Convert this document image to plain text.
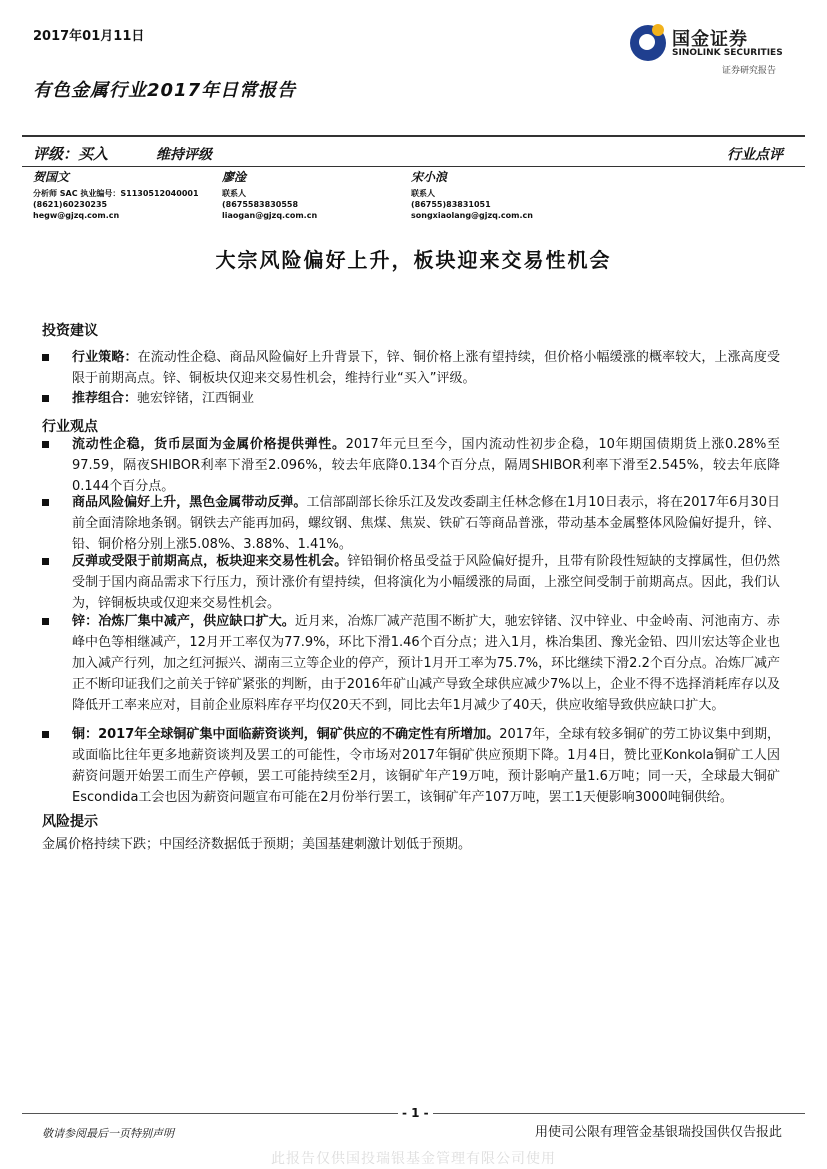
2017年01月11日	国金证券
SINOLINK SECURITIES
证券研究报告
有色金属行业2017年日常报告
评级：买入	维持评级	行业点评
贺国文
分析师 SAC 执业编号：S1130512040001
(8621)60230235
hegw@gjzq.com.cn
廖淦
联系人
(8675583830558
liaogan@gjzq.com.cn
宋小浪
联系人
(86755)83831051
songxiaolang@gjzq.com.cn
大宗风险偏好上升，板块迎来交易性机会
投资建议
行业策略：在流动性企稳、商品风险偏好上升背景下，锌、铜价格上涨有望持续，但价格小幅缓涨的概率较大，上涨高度受限于前期高点。锌、铜板块仅迎来交易性机会，维持行业“买入”评级。
推荐组合：驰宏锌锗，江西铜业
行业观点
流动性企稳，货币层面为金属价格提供弹性。2017年元旦至今，国内流动性初步企稳，10年期国债期货上涨0.28%至97.59，隔夜SHIBOR利率下滑至2.096%，较去年底降0.134个百分点，隔周SHIBOR利率下滑至2.545%，较去年底降0.144个百分点。
商品风险偏好上升，黑色金属带动反弹。工信部副部长徐乐江及发改委副主任林念修在1月10日表示，将在2017年6月30日前全面清除地条钢。钢铁去产能再加码，螺纹钢、焦煤、焦炭、铁矿石等商品普涨，带动基本金属整体风险偏好提升，锌、铅、铜价格分别上涨5.08%、3.88%、1.41%。
反弹或受限于前期高点，板块迎来交易性机会。锌铅铜价格虽受益于风险偏好提升，且带有阶段性短缺的支撑属性，但仍然受制于国内商品需求下行压力，预计涨价有望持续，但将演化为小幅缓涨的局面，上涨空间受制于前期高点。因此，我们认为，锌铜板块或仅迎来交易性机会。
锌：冶炼厂集中减产，供应缺口扩大。近月来，冶炼厂减产范围不断扩大，驰宏锌锗、汉中锌业、中金岭南、河池南方、赤峰中色等相继减产，12月开工率仅为77.9%，环比下滑1.46个百分点；进入1月，株冶集团、豫光金铅、四川宏达等企业也加入减产行列，加之红河振兴、湖南三立等企业的停产，预计1月开工率为75.7%，环比继续下滑2.2个百分点。冶炼厂减产正不断印证我们之前关于锌矿紧张的判断，由于2016年矿山减产导致全球供应减少7%以上，企业不得不选择消耗库存以及降低开工率来应对，目前企业原料库存平均仅20天不到，同比去年1月减少了40天，供应收缩导致供应缺口扩大。
铜：2017年全球铜矿集中面临薪资谈判，铜矿供应的不确定性有所增加。2017年，全球有较多铜矿的劳工协议集中到期，或面临比往年更多地薪资谈判及罢工的可能性，令市场对2017年铜矿供应预期下降。1月4日，赞比亚Konkola铜矿工人因薪资问题开始罢工而生产停顿，罢工可能持续至2月，该铜矿年产19万吨，预计影响产量1.6万吨；同一天，全球最大铜矿Escondida工会也因为薪资问题宣布可能在2月份举行罢工，该铜矿年产107万吨，罢工1天便影响3000吨铜供给。
风险提示
金属价格持续下跌；中国经济数据低于预期；美国基建刺激计划低于预期。
- 1 -
敬请参阅最后一页特别声明	用使司公限有理管金基银瑞投国供仅告报此
此报告仅供国投瑞银基金管理有限公司使用
